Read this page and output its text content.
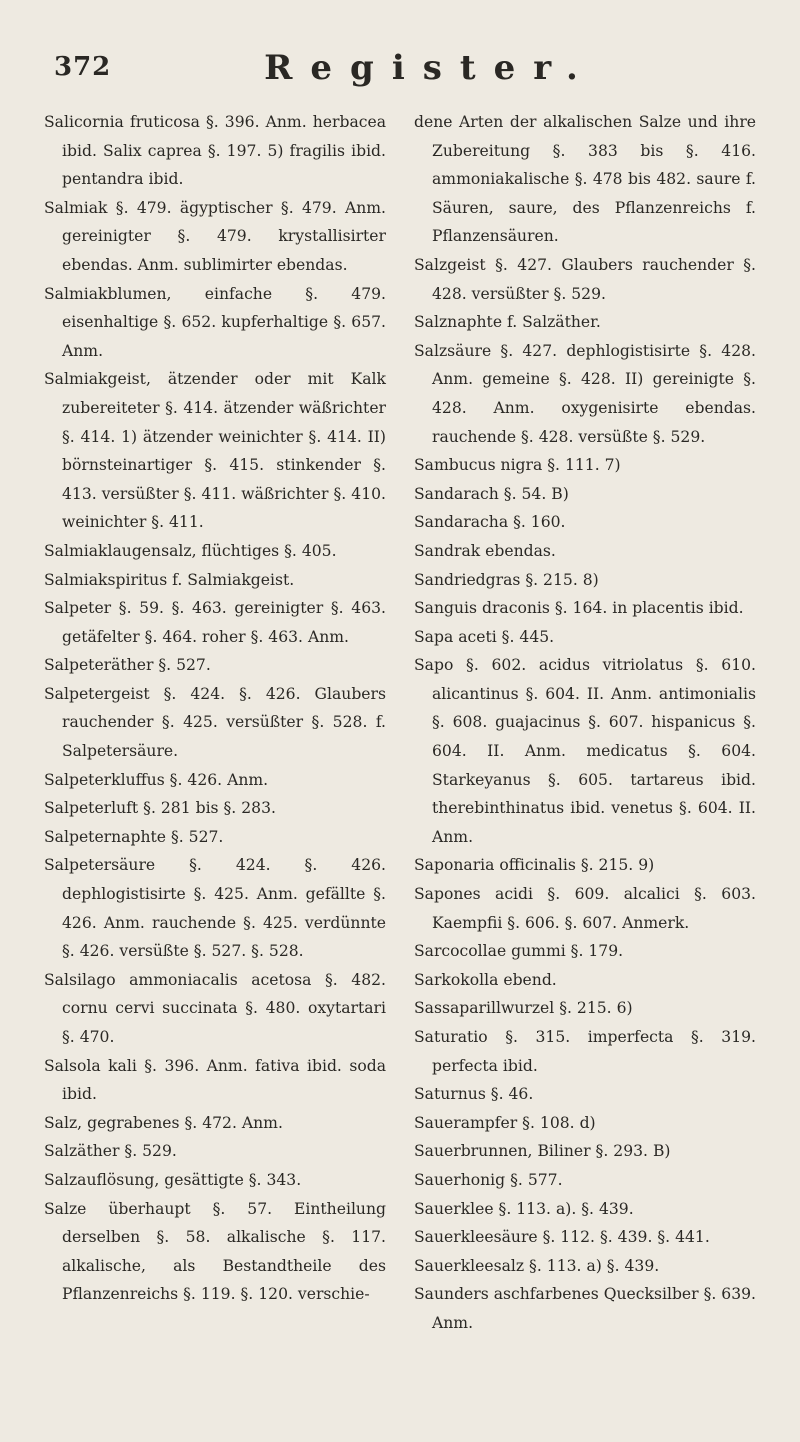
372	Register.

Salicornia fruticosa §. 396. Anm. herbacea ibid. Salix caprea §. 197. 5) fragilis ibid. pentandra ibid.

Salmiak §. 479. ägyptischer §. 479. Anm. gereinigter §. 479. krystallisirter ebendas. Anm. sublimirter ebendas.

Salmiakblumen, einfache §. 479. eisenhaltige §. 652. kupferhaltige §. 657. Anm.

Salmiakgeist, ätzender oder mit Kalk zubereiteter §. 414. ätzender wäßrichter §. 414. 1) ätzender weinichter §. 414. II) börnsteinartiger §. 415. stinkender §. 413. versüßter §. 411. wäßrichter §. 410. weinichter §. 411.

Salmiaklaugensalz, flüchtiges §. 405.

Salmiakspiritus f. Salmiakgeist.

Salpeter §. 59. §. 463. gereinigter §. 463. getäfelter §. 464. roher §. 463. Anm.

Salpeteräther §. 527.

Salpetergeist §. 424. §. 426. Glaubers rauchender §. 425. versüßter §. 528. f. Salpetersäure.

Salpeterkluffus §. 426. Anm.

Salpeterluft §. 281 bis §. 283.

Salpeternaphte §. 527.

Salpetersäure §. 424. §. 426. dephlogistisirte §. 425. Anm. gefällte §. 426. Anm. rauchende §. 425. verdünnte §. 426. versüßte §. 527. §. 528.

Salsilago ammoniacalis acetosa §. 482. cornu cervi succinata §. 480. oxytartari §. 470.

Salsola kali §. 396. Anm. fativa ibid. soda ibid.

Salz, gegrabenes §. 472. Anm.

Salzäther §. 529.

Salzauflösung, gesättigte §. 343.

Salze überhaupt §. 57. Eintheilung derselben §. 58. alkalische §. 117. alkalische, als Bestandtheile des Pflanzenreichs §. 119. §. 120. verschie-

dene Arten der alkalischen Salze und ihre Zubereitung §. 383 bis §. 416. ammoniakalische §. 478 bis 482. saure f. Säuren, saure, des Pflanzenreichs f. Pflanzensäuren.

Salzgeist §. 427. Glaubers rauchender §. 428. versüßter §. 529.

Salznaphte f. Salzäther.

Salzsäure §. 427. dephlogistisirte §. 428. Anm. gemeine §. 428. II) gereinigte §. 428. Anm. oxygenisirte ebendas. rauchende §. 428. versüßte §. 529.

Sambucus nigra §. 111. 7)

Sandarach §. 54. B)

Sandaracha §. 160.

Sandrak ebendas.

Sandriedgras §. 215. 8)

Sanguis draconis §. 164. in placentis ibid.

Sapa aceti §. 445.

Sapo §. 602. acidus vitriolatus §. 610. alicantinus §. 604. II. Anm. antimonialis §. 608. guajacinus §. 607. hispanicus §. 604. II. Anm. medicatus §. 604. Starkeyanus §. 605. tartareus ibid. therebinthinatus ibid. venetus §. 604. II. Anm.

Saponaria officinalis §. 215. 9)

Sapones acidi §. 609. alcalici §. 603. Kaempfii §. 606. §. 607. Anmerk.

Sarcocollae gummi §. 179.

Sarkokolla ebend.

Sassaparillwurzel §. 215. 6)

Saturatio §. 315. imperfecta §. 319. perfecta ibid.

Saturnus §. 46.

Sauerampfer §. 108. d)

Sauerbrunnen, Biliner §. 293. B)

Sauerhonig §. 577.

Sauerklee §. 113. a). §. 439.

Sauerkleesäure §. 112. §. 439. §. 441.

Sauerkleesalz §. 113. a) §. 439.

Saunders aschfarbenes Quecksilber §. 639. Anm.
